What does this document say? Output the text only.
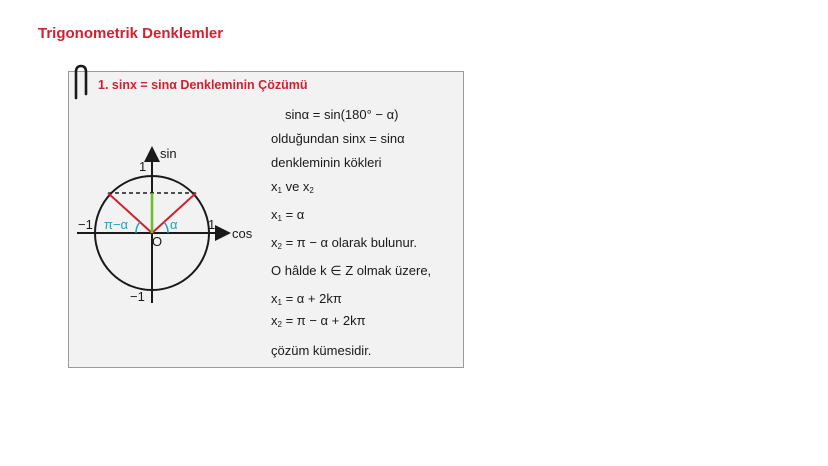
Trigonometrik Denklemler
1. sinx = sinα Denkleminin Çözümü
sin
cos
1
−1
1
−1
O
α
π−α
sinα = sin(180° − α)
olduğundan sinx = sinα
denkleminin kökleri
$x_1$ ve $x_2$
$x_1 = \alpha$
$x_2 = \pi - \alpha$ olarak bulunur.
O hâlde k ∈ Z olmak üzere,
$x_1 = \alpha + 2k\pi$
$x_2 = \pi - \alpha + 2k\pi$
çözüm kümesidir.
